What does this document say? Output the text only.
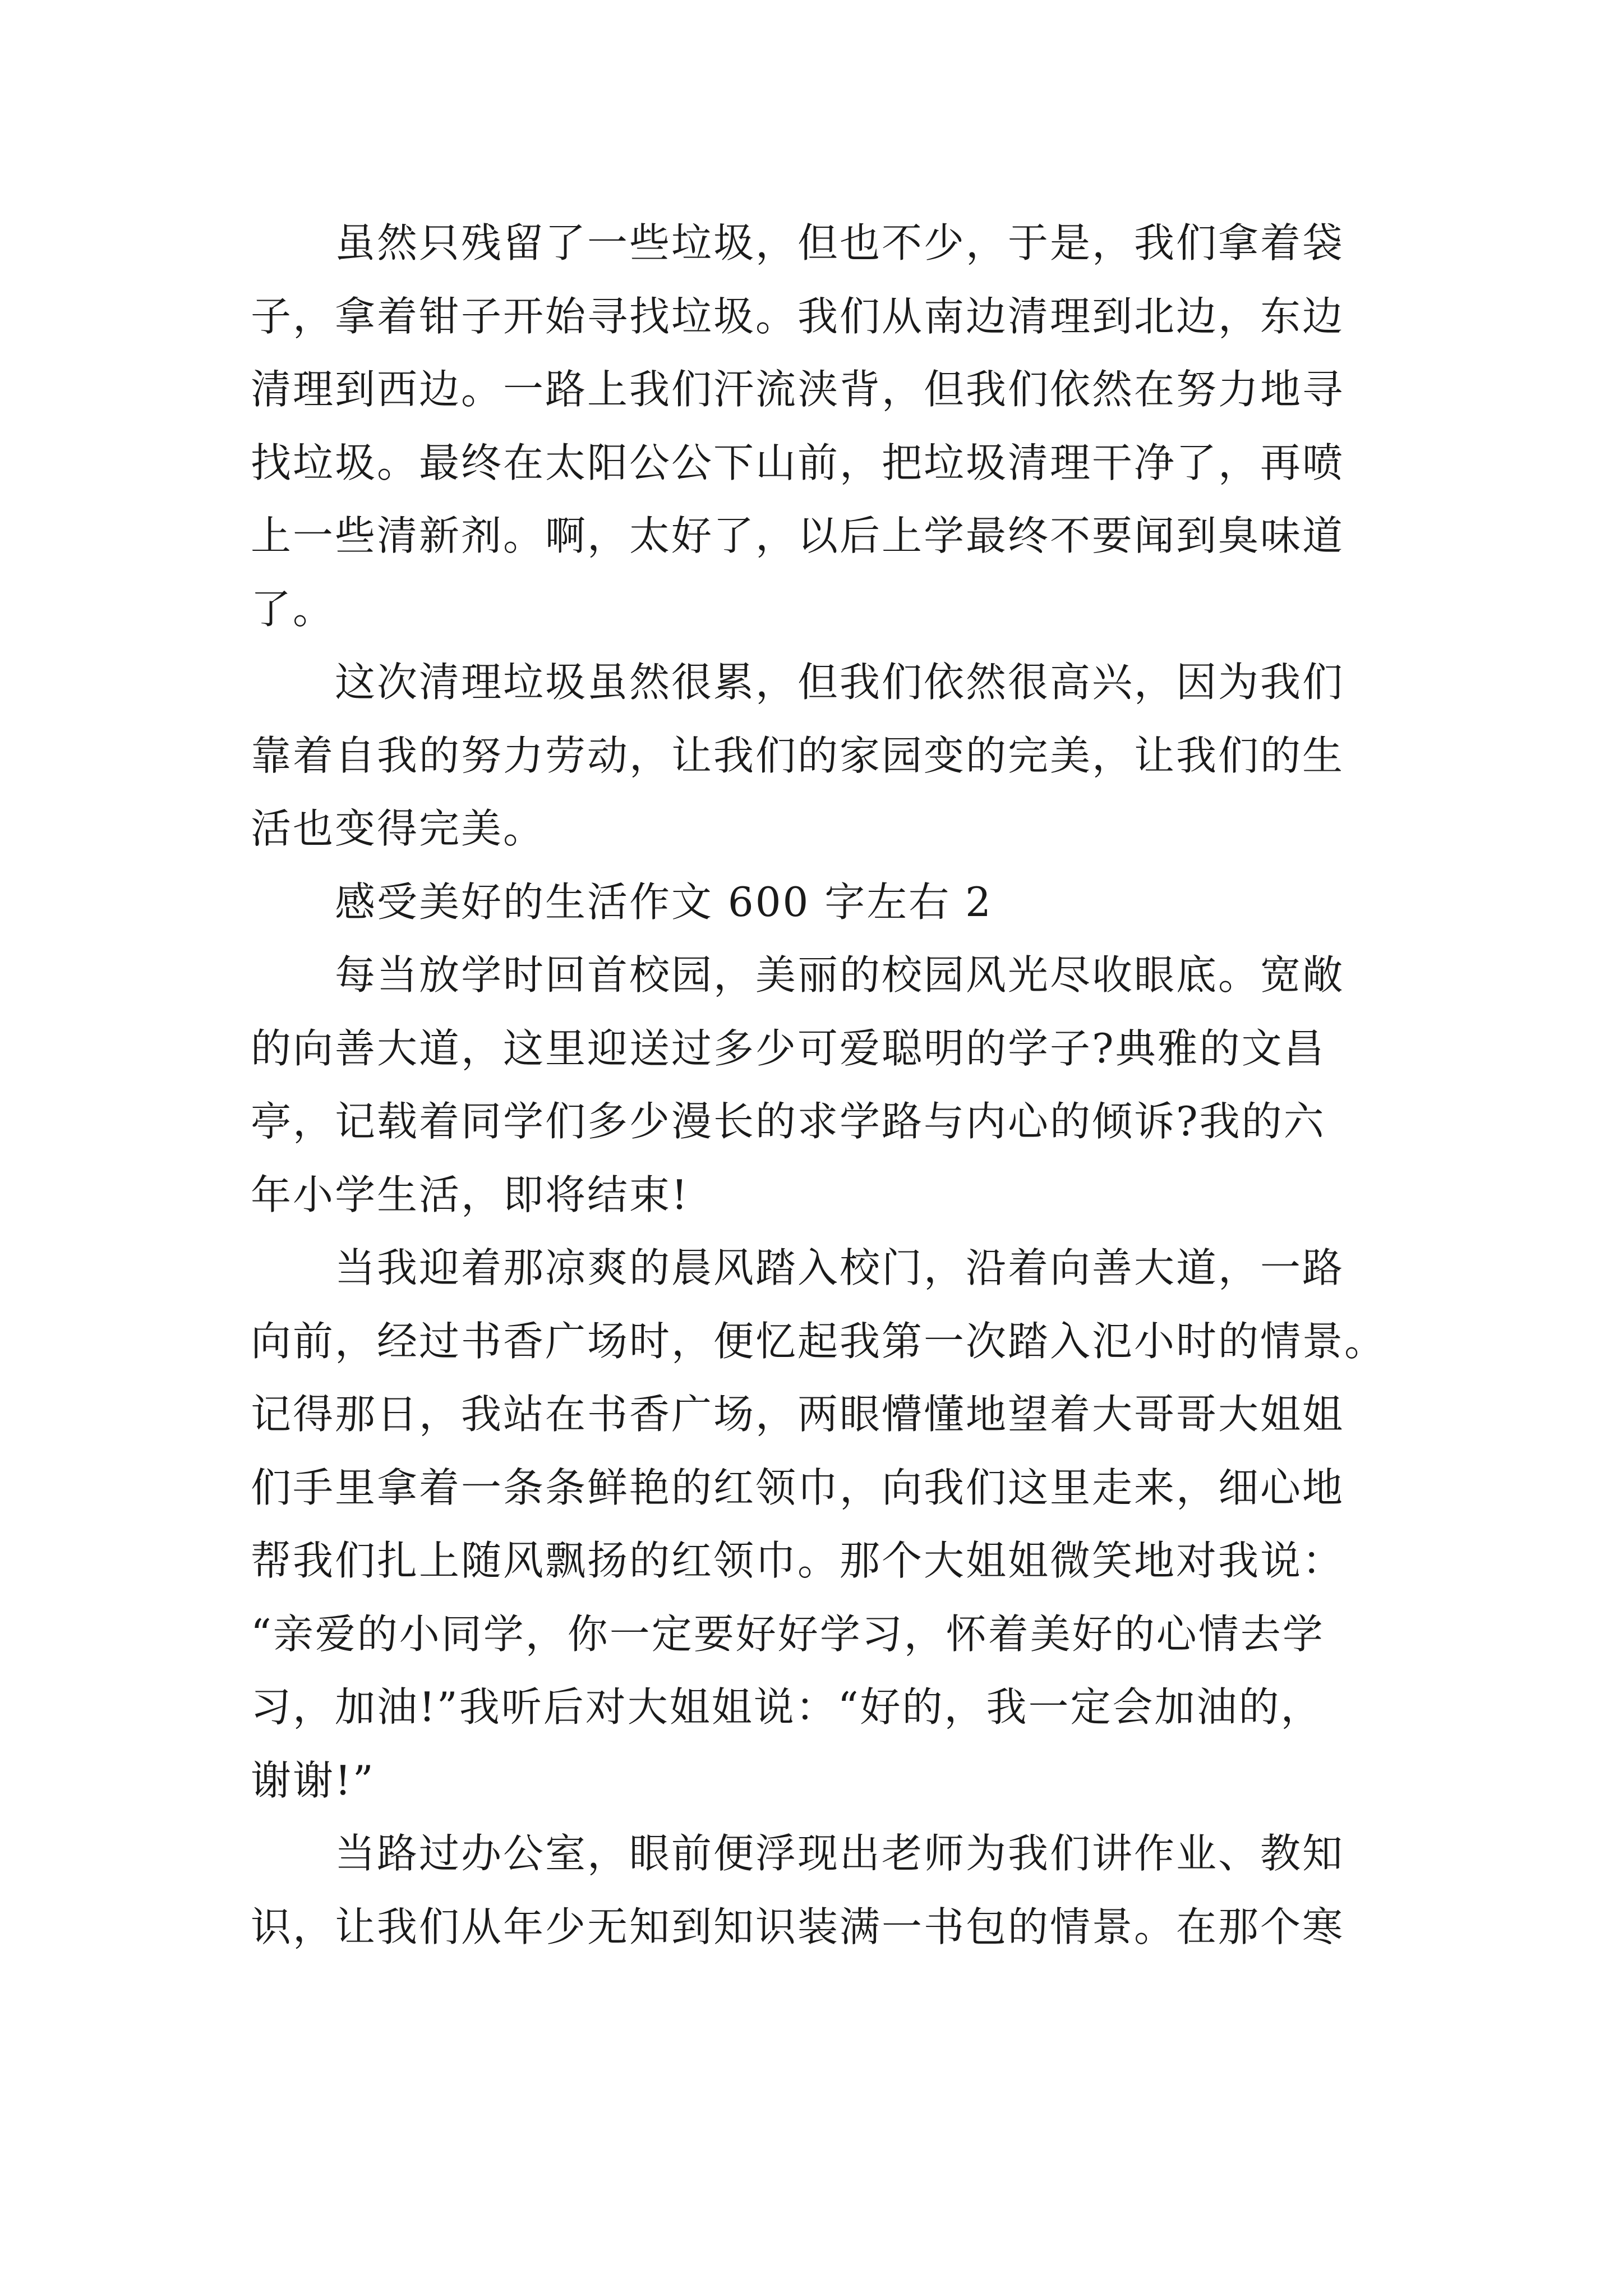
虽然只残留了一些垃圾，但也不少，于是，我们拿着袋
子，拿着钳子开始寻找垃圾。我们从南边清理到北边，东边
清理到西边。一路上我们汗流浃背，但我们依然在努力地寻
找垃圾。最终在太阳公公下山前，把垃圾清理干净了，再喷
上一些清新剂。啊，太好了，以后上学最终不要闻到臭味道
了。
这次清理垃圾虽然很累，但我们依然很高兴，因为我们
靠着自我的努力劳动，让我们的家园变的完美，让我们的生
活也变得完美。
感受美好的生活作文 600 字左右 2
每当放学时回首校园，美丽的校园风光尽收眼底。宽敞
的向善大道，这里迎送过多少可爱聪明的学子?典雅的文昌
亭，记载着同学们多少漫长的求学路与内心的倾诉?我的六
年小学生活，即将结束!
当我迎着那凉爽的晨风踏入校门，沿着向善大道，一路
向前，经过书香广场时，便忆起我第一次踏入氾小时的情景。
记得那日，我站在书香广场，两眼懵懂地望着大哥哥大姐姐
们手里拿着一条条鲜艳的红领巾，向我们这里走来，细心地
帮我们扎上随风飘扬的红领巾。那个大姐姐微笑地对我说：
“亲爱的小同学，你一定要好好学习，怀着美好的心情去学
习，加油!”我听后对大姐姐说：“好的，我一定会加油的，
谢谢!”
当路过办公室，眼前便浮现出老师为我们讲作业、教知
识，让我们从年少无知到知识装满一书包的情景。在那个寒
